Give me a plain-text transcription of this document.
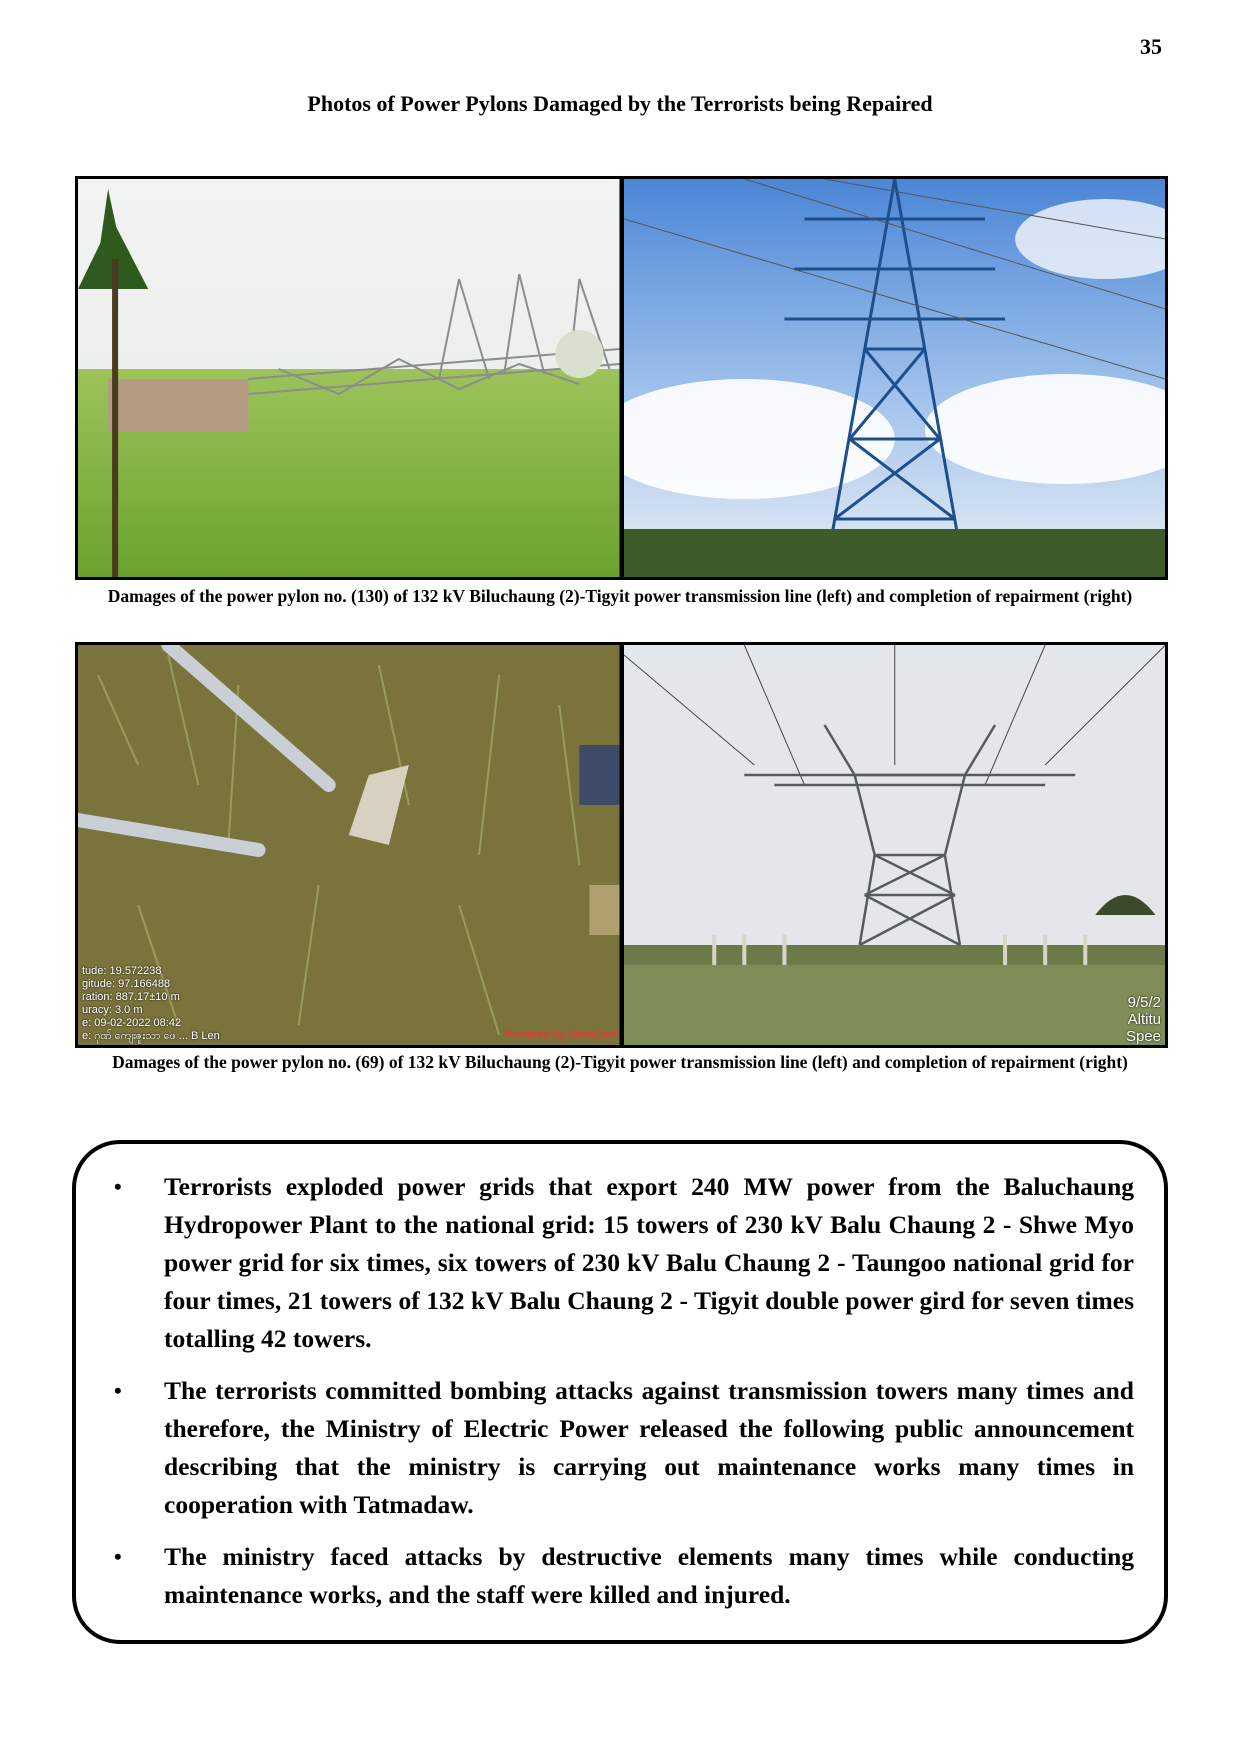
35
Photos of Power Pylons Damaged by the Terrorists being Repaired
Damages of the power pylon no. (130) of 132 kV Biluchaung (2)-Tigyit power transmission line (left) and completion of repairment (right)
tude: 19.572238
gitude: 97.166488
ration: 887.17±10 m
uracy: 3.0 m
e: 09-02-2022 08:42
e: ဂုဏ် ကျေးဇူးသာ ဖေ ... B Len	Powered by NoteCam
9/5/2
Altitu
Spee
Damages of the power pylon no. (69) of 132 kV Biluchaung (2)-Tigyit power transmission line (left) and completion of repairment (right)
• Terrorists exploded power grids that export 240 MW power from the Baluchaung Hydropower Plant to the national grid: 15 towers of 230 kV Balu Chaung 2 - Shwe Myo power grid for six times, six towers of 230 kV Balu Chaung 2 - Taungoo national grid for four times, 21 towers of 132 kV Balu Chaung 2 - Tigyit double power gird for seven times totalling 42 towers.
• The terrorists committed bombing attacks against transmission towers many times and therefore, the Ministry of Electric Power released the following public announcement describing that the ministry is carrying out maintenance works many times in cooperation with Tatmadaw.
• The ministry faced attacks by destructive elements many times while conducting maintenance works, and the staff were killed and injured.
